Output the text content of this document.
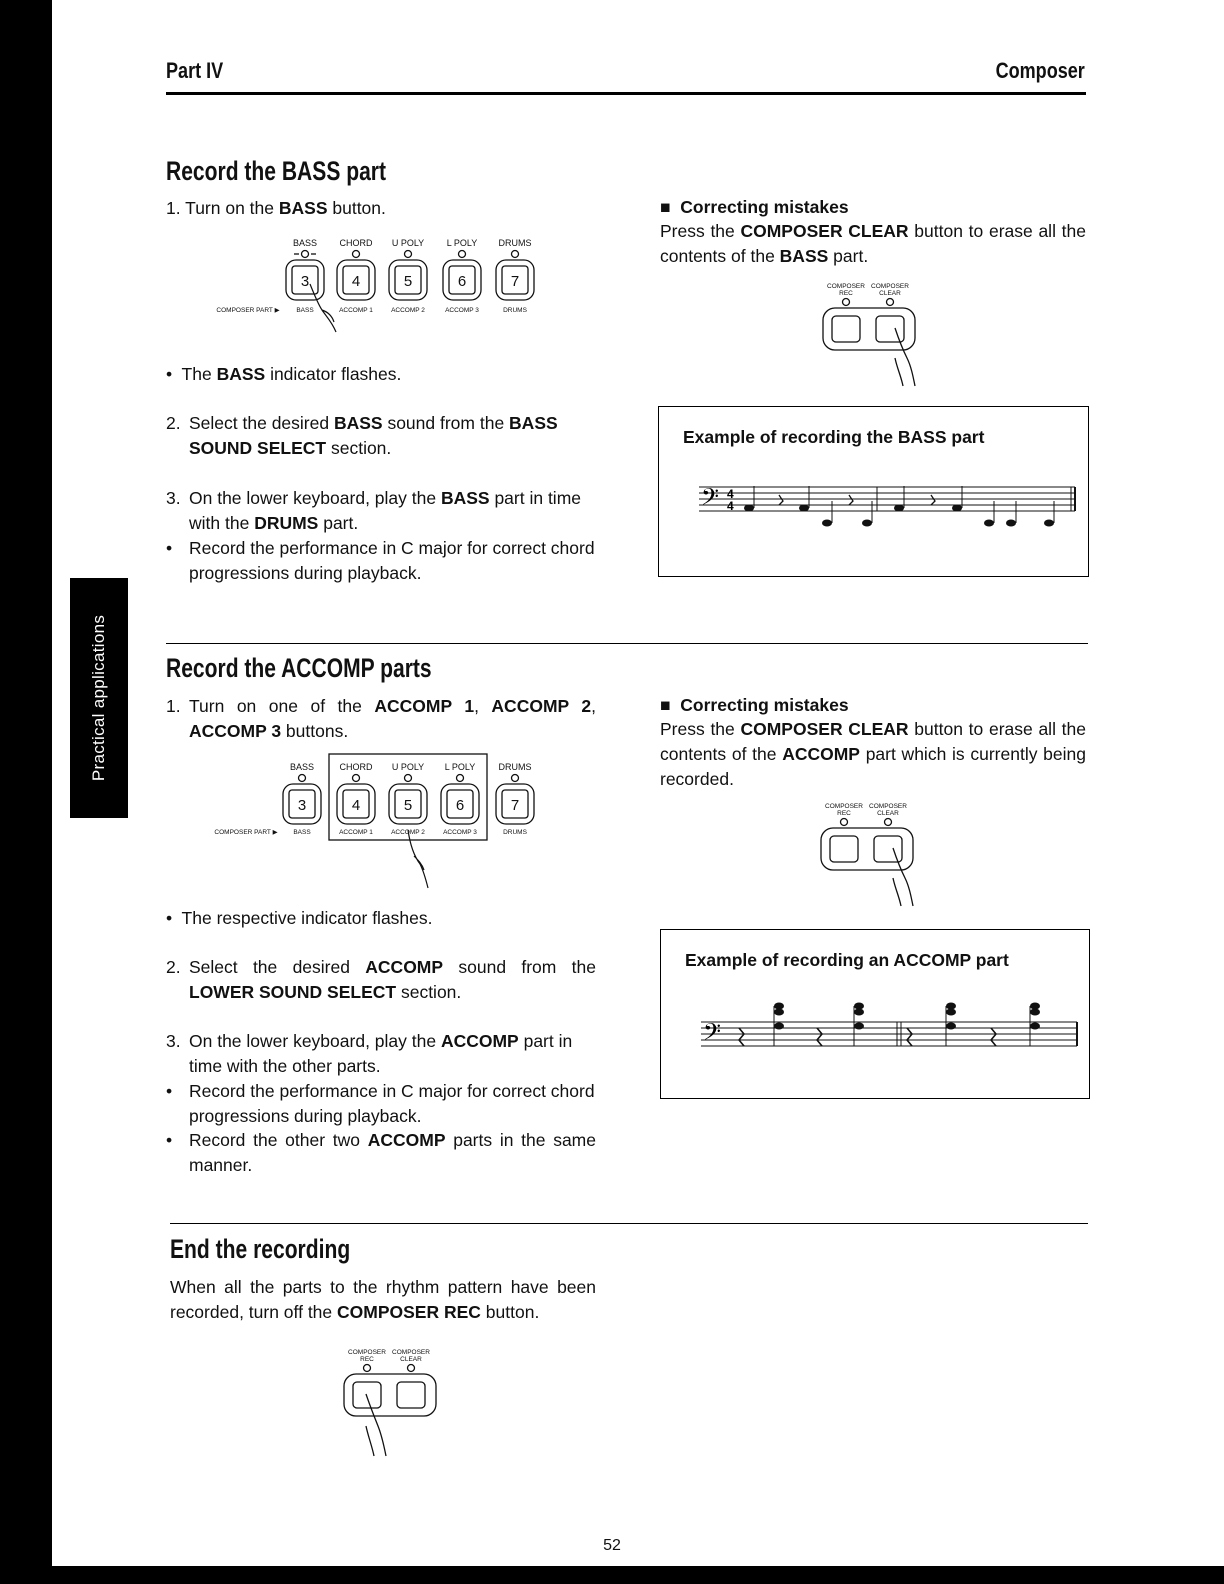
Practical applications
Part IV	Composer
Record the BASS part
1. Turn on the BASS button.
BASS CHORD U POLY	L POLY DRUMS
3	4	5	6	7
COMPOSER PART ▶	BASS	ACCOMP 1	ACCOMP 2	ACCOMP 3	DRUMS
•  The BASS indicator flashes.
2. Select the desired BASS sound from the BASS SOUND SELECT section.
3. On the lower keyboard, play the BASS part in time with the DRUMS part.
• Record the performance in C major for correct chord progressions during playback.
■  Correcting mistakes
Press the COMPOSER CLEAR button to erase all the contents of the BASS part.
COMPOSER
REC
COMPOSER
CLEAR
Example of recording the BASS part
𝄢 4
4
Record the ACCOMP parts
1. Turn on one of the ACCOMP 1, ACCOMP 2, ACCOMP 3 buttons.
BASS	CHORD U POLY L POLY	DRUMS
3	4	5	6	7
COMPOSER PART ▶ BASS	ACCOMP 1	ACCOMP 2	ACCOMP 3	DRUMS
•  The respective indicator flashes.
2. Select the desired ACCOMP sound from the LOWER SOUND SELECT section.
3. On the lower keyboard, play the ACCOMP part in time with the other parts.
• Record the performance in C major for correct chord progressions during playback.
• Record the other two ACCOMP parts in the same manner.
■  Correcting mistakes
Press the COMPOSER CLEAR button to erase all the contents of the ACCOMP part which is currently being recorded.
COMPOSER
REC
COMPOSER
CLEAR
Example of recording an ACCOMP part
𝄢
End the recording
When all the parts to the rhythm pattern have been recorded, turn off the COMPOSER REC button.
COMPOSER
REC
COMPOSER
CLEAR
52
